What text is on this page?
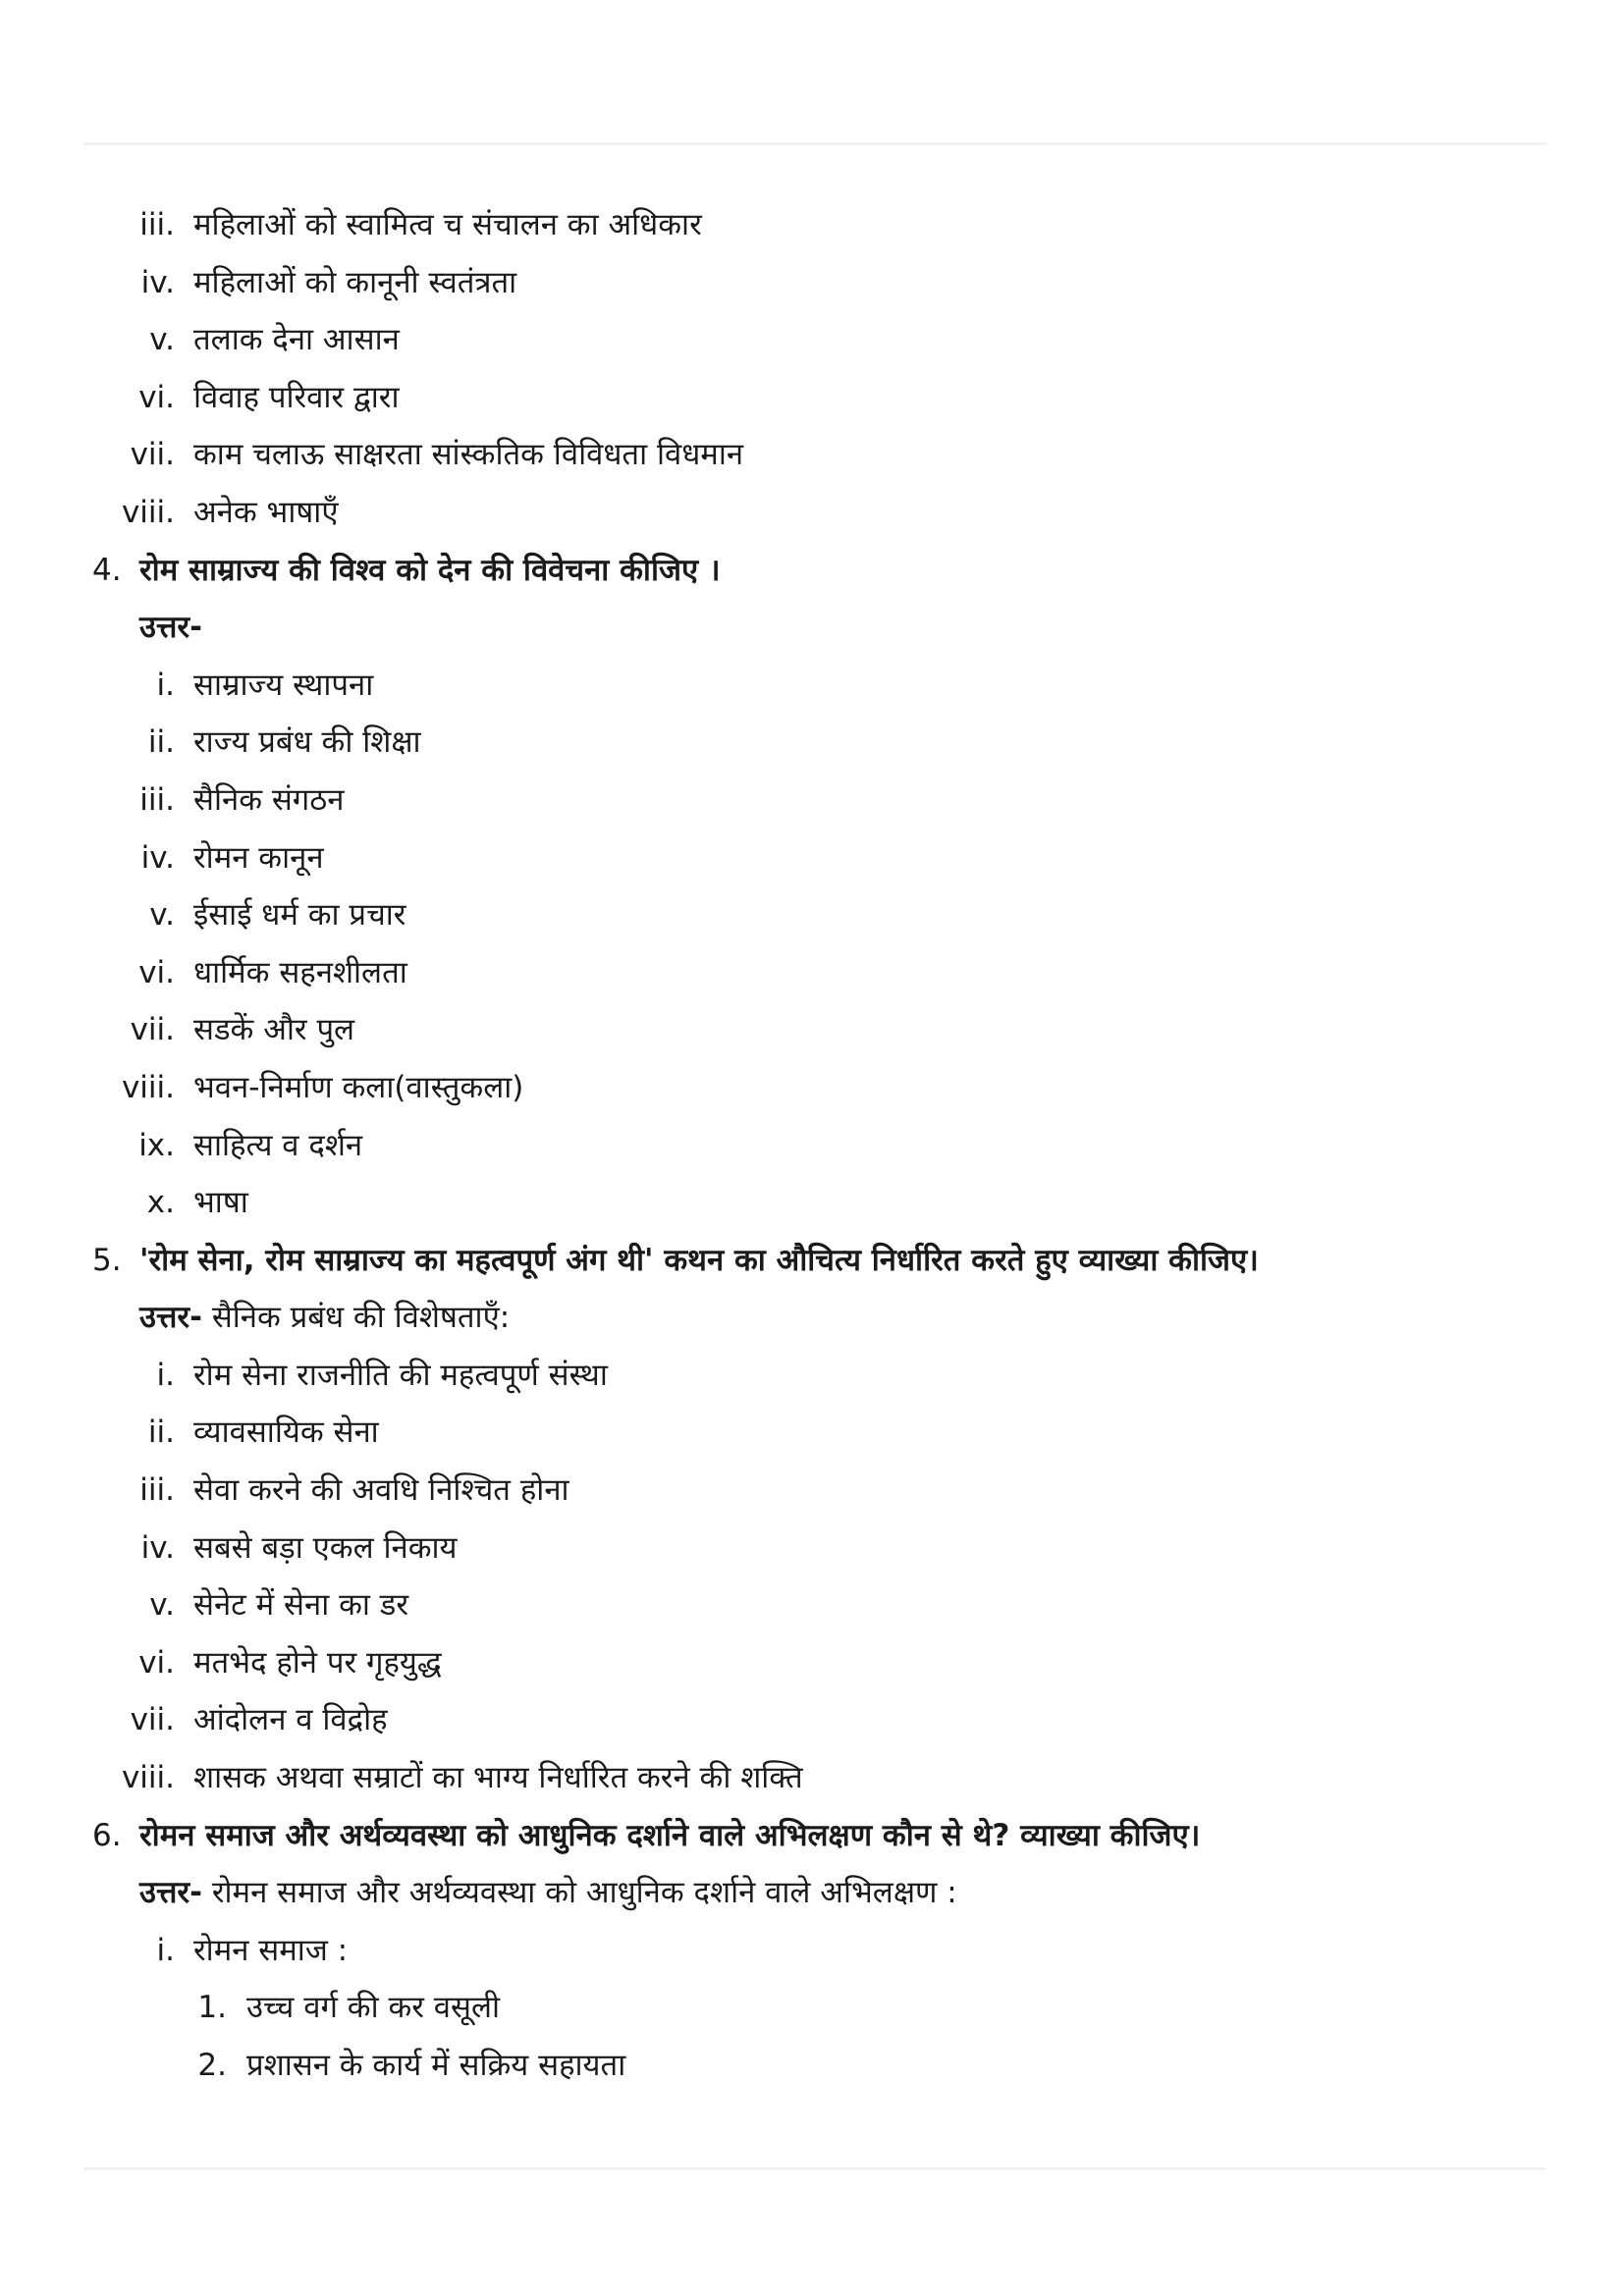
iii. महिलाओं को स्वामित्व च संचालन का अधिकार
iv. महिलाओं को कानूनी स्वतंत्रता
v. तलाक देना आसान
vi. विवाह परिवार द्वारा
vii. काम चलाऊ साक्षरता सांस्कतिक विविधता विधमान
viii. अनेक भाषाएँ
4. रोम साम्राज्य की विश्व को देन की विवेचना कीजिए ।
उत्तर-
i. साम्राज्य स्थापना
ii. राज्य प्रबंध की शिक्षा
iii. सैनिक संगठन
iv. रोमन कानून
v. ईसाई धर्म का प्रचार
vi. धार्मिक सहनशीलता
vii. सडकें और पुल
viii. भवन-निर्माण कला(वास्तुकला)
ix. साहित्य व दर्शन
x. भाषा
5. 'रोम सेना, रोम साम्राज्य का महत्वपूर्ण अंग थी' कथन का औचित्य निर्धारित करते हुए व्याख्या कीजिए।
उत्तर- सैनिक प्रबंध की विशेषताएँ:
i. रोम सेना राजनीति की महत्वपूर्ण संस्था
ii. व्यावसायिक सेना
iii. सेवा करने की अवधि निश्चित होना
iv. सबसे बड़ा एकल निकाय
v. सेनेट में सेना का डर
vi. मतभेद होने पर गृहयुद्ध
vii. आंदोलन व विद्रोह
viii. शासक अथवा सम्राटों का भाग्य निर्धारित करने की शक्ति
6. रोमन समाज और अर्थव्यवस्था को आधुनिक दर्शाने वाले अभिलक्षण कौन से थे? व्याख्या कीजिए।
उत्तर- रोमन समाज और अर्थव्यवस्था को आधुनिक दर्शाने वाले अभिलक्षण :
i. रोमन समाज :
1. उच्च वर्ग की कर वसूली
2. प्रशासन के कार्य में सक्रिय सहायता
